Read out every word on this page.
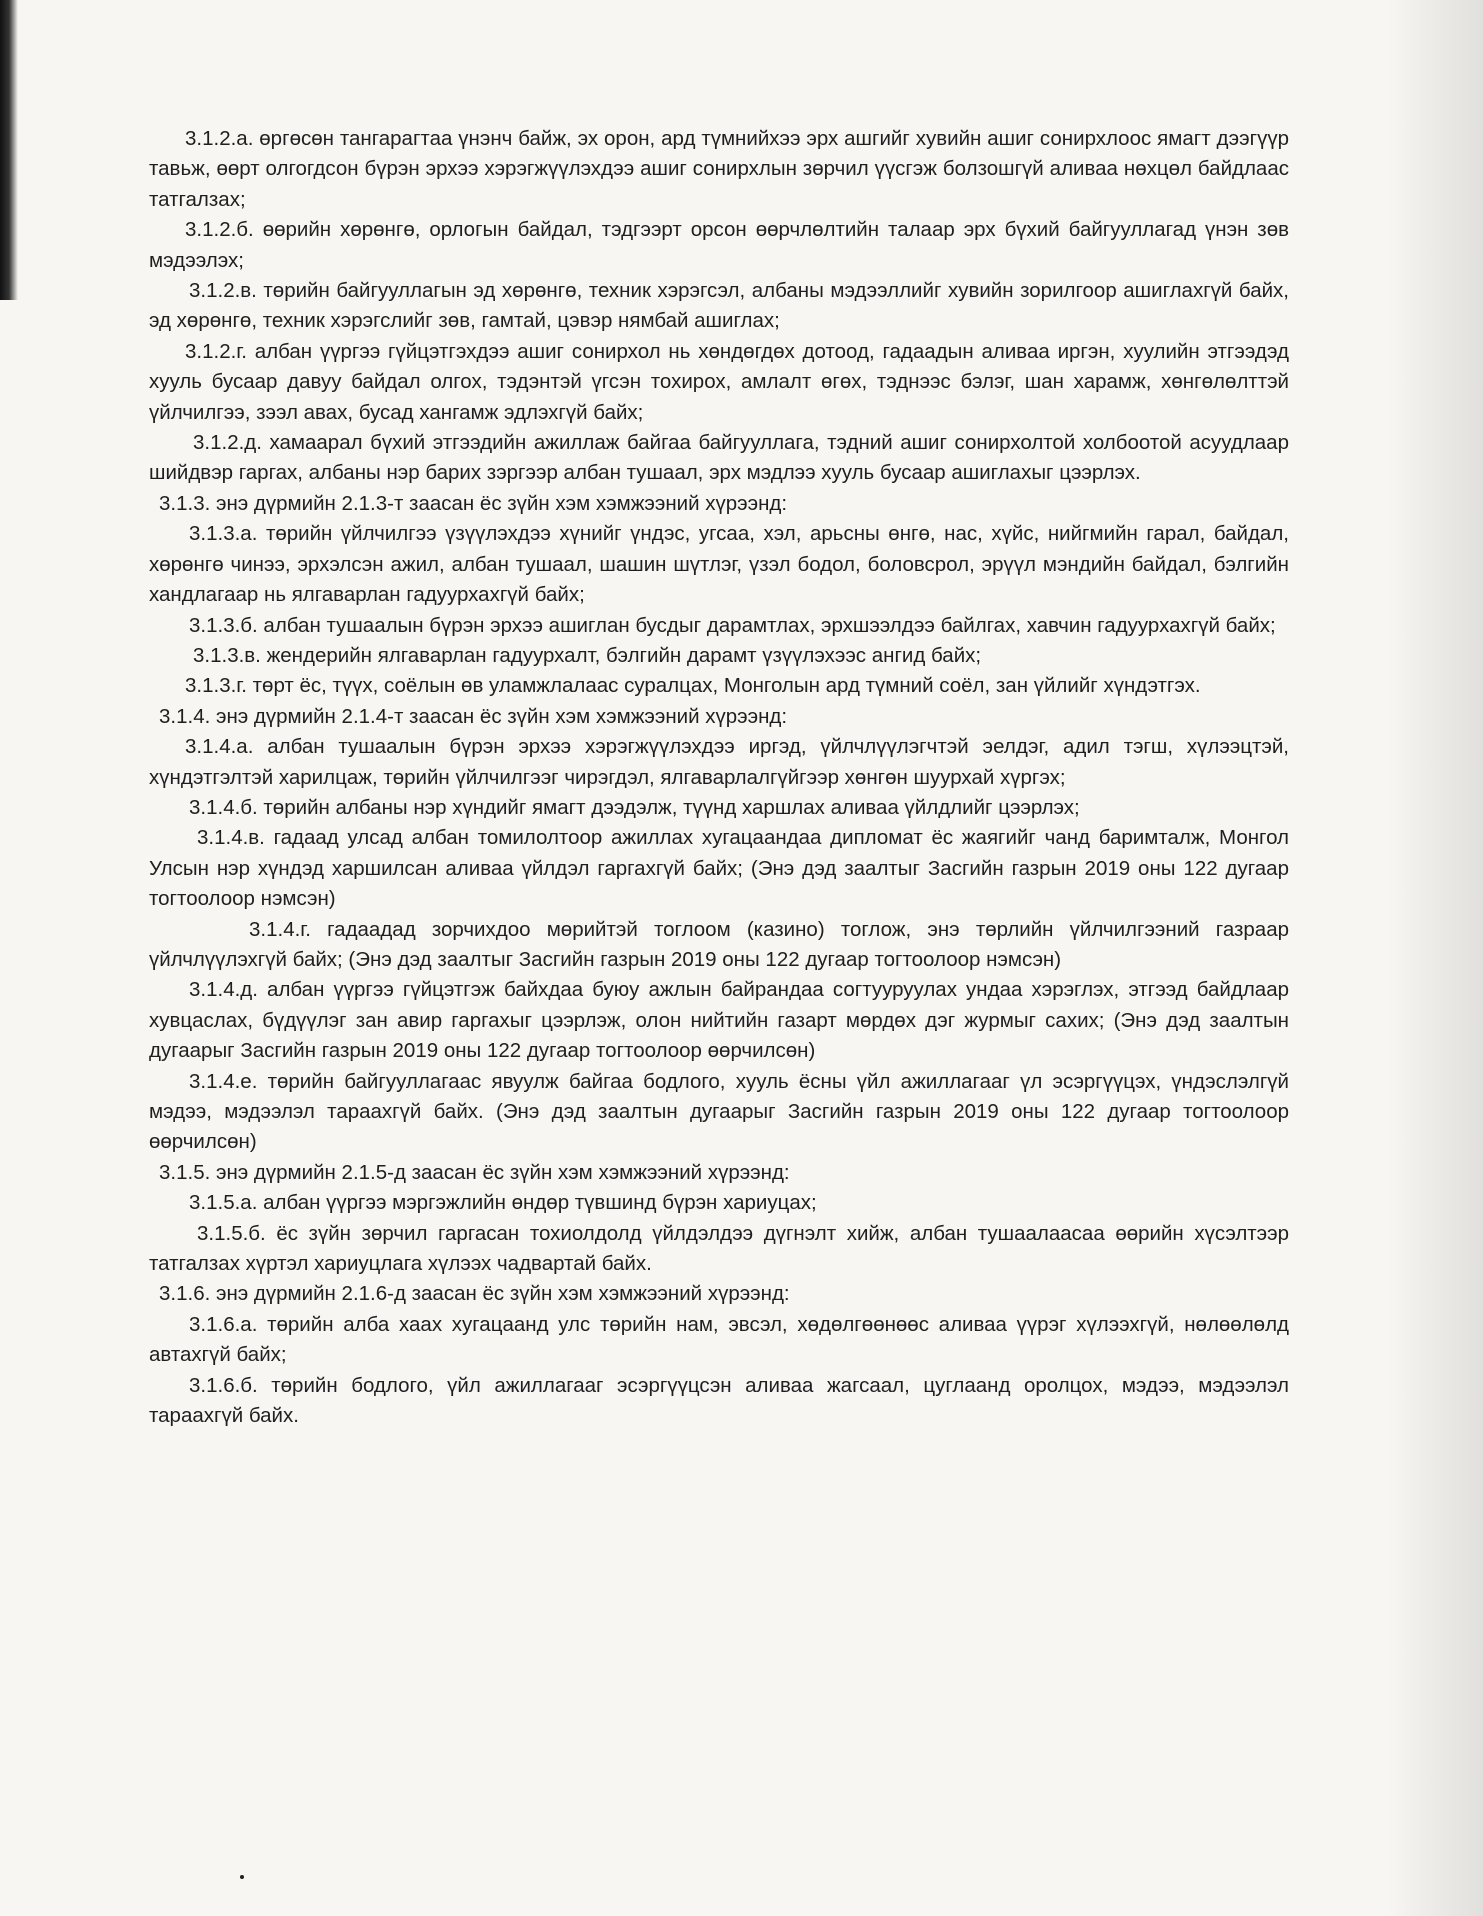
3.1.2.а. өргөсөн тангарагтаа үнэнч байж, эх орон, ард түмнийхээ эрх ашгийг хувийн ашиг сонирхлоос ямагт дээгүүр тавьж, өөрт олгогдсон бүрэн эрхээ хэрэгжүүлэхдээ ашиг сонирхлын зөрчил үүсгэж болзошгүй аливаа нөхцөл байдлаас татгалзах;

3.1.2.б. өөрийн хөрөнгө, орлогын байдал, тэдгээрт орсон өөрчлөлтийн талаар эрх бүхий байгууллагад үнэн зөв мэдээлэх;

3.1.2.в. төрийн байгууллагын эд хөрөнгө, техник хэрэгсэл, албаны мэдээллийг хувийн зорилгоор ашиглахгүй байх, эд хөрөнгө, техник хэрэгслийг зөв, гамтай, цэвэр нямбай ашиглах;

3.1.2.г. албан үүргээ гүйцэтгэхдээ ашиг сонирхол нь хөндөгдөх дотоод, гадаадын аливаа иргэн, хуулийн этгээдэд хууль бусаар давуу байдал олгох, тэдэнтэй үгсэн тохирох, амлалт өгөх, тэднээс бэлэг, шан харамж, хөнгөлөлттэй үйлчилгээ, зээл авах, бусад хангамж эдлэхгүй байх;

3.1.2.д. хамаарал бүхий этгээдийн ажиллаж байгаа байгууллага, тэдний ашиг сонирхолтой холбоотой асуудлаар шийдвэр гаргах, албаны нэр барих зэргээр албан тушаал, эрх мэдлээ хууль бусаар ашиглахыг цээрлэх.

3.1.3. энэ дүрмийн 2.1.3-т заасан ёс зүйн хэм хэмжээний хүрээнд:

3.1.3.а. төрийн үйлчилгээ үзүүлэхдээ хүнийг үндэс, угсаа, хэл, арьсны өнгө, нас, хүйс, нийгмийн гарал, байдал, хөрөнгө чинээ, эрхэлсэн ажил, албан тушаал, шашин шүтлэг, үзэл бодол, боловсрол, эрүүл мэндийн байдал, бэлгийн хандлагаар нь ялгаварлан гадуурхахгүй байх;

3.1.3.б. албан тушаалын бүрэн эрхээ ашиглан бусдыг дарамтлах, эрхшээлдээ байлгах, хавчин гадуурхахгүй байх;

3.1.3.в. жендерийн ялгаварлан гадуурхалт, бэлгийн дарамт үзүүлэхээс ангид байх;

3.1.3.г. төрт ёс, түүх, соёлын өв уламжлалаас суралцах, Монголын ард түмний соёл, зан үйлийг хүндэтгэх.

3.1.4. энэ дүрмийн 2.1.4-т заасан ёс зүйн хэм хэмжээний хүрээнд:

3.1.4.а. албан тушаалын бүрэн эрхээ хэрэгжүүлэхдээ иргэд, үйлчлүүлэгчтэй эелдэг, адил тэгш, хүлээцтэй, хүндэтгэлтэй харилцаж, төрийн үйлчилгээг чирэгдэл, ялгаварлалгүйгээр хөнгөн шуурхай хүргэх;

3.1.4.б. төрийн албаны нэр хүндийг ямагт дээдэлж, түүнд харшлах аливаа үйлдлийг цээрлэх;

3.1.4.в. гадаад улсад албан томилолтоор ажиллах хугацаандаа дипломат ёс жаягийг чанд баримталж, Монгол Улсын нэр хүндэд харшилсан аливаа үйлдэл гаргахгүй байх; (Энэ дэд заалтыг Засгийн газрын 2019 оны 122 дугаар тогтоолоор нэмсэн)

3.1.4.г. гадаадад зорчихдоо мөрийтэй тоглоом (казино) тоглож, энэ төрлийн үйлчилгээний газраар үйлчлүүлэхгүй байх; (Энэ дэд заалтыг Засгийн газрын 2019 оны 122 дугаар тогтоолоор нэмсэн)

3.1.4.д. албан үүргээ гүйцэтгэж байхдаа буюу ажлын байрандаа согтууруулах ундаа хэрэглэх, этгээд байдлаар хувцаслах, бүдүүлэг зан авир гаргахыг цээрлэж, олон нийтийн газарт мөрдөх дэг журмыг сахих; (Энэ дэд заалтын дугаарыг Засгийн газрын 2019 оны 122 дугаар тогтоолоор өөрчилсөн)

3.1.4.е. төрийн байгууллагаас явуулж байгаа бодлого, хууль ёсны үйл ажиллагааг үл эсэргүүцэх, үндэслэлгүй мэдээ, мэдээлэл тараахгүй байх. (Энэ дэд заалтын дугаарыг Засгийн газрын 2019 оны 122 дугаар тогтоолоор өөрчилсөн)

3.1.5. энэ дүрмийн 2.1.5-д заасан ёс зүйн хэм хэмжээний хүрээнд:

3.1.5.а. албан үүргээ мэргэжлийн өндөр түвшинд бүрэн хариуцах;

3.1.5.б. ёс зүйн зөрчил гаргасан тохиолдолд үйлдэлдээ дүгнэлт хийж, албан тушаалаасаа өөрийн хүсэлтээр татгалзах хүртэл хариуцлага хүлээх чадвартай байх.

3.1.6. энэ дүрмийн 2.1.6-д заасан ёс зүйн хэм хэмжээний хүрээнд:

3.1.6.а. төрийн алба хаах хугацаанд улс төрийн нам, эвсэл, хөдөлгөөнөөс аливаа үүрэг хүлээхгүй, нөлөөлөлд автахгүй байх;

3.1.6.б. төрийн бодлого, үйл ажиллагааг эсэргүүцсэн аливаа жагсаал, цуглаанд оролцох, мэдээ, мэдээлэл тараахгүй байх.
